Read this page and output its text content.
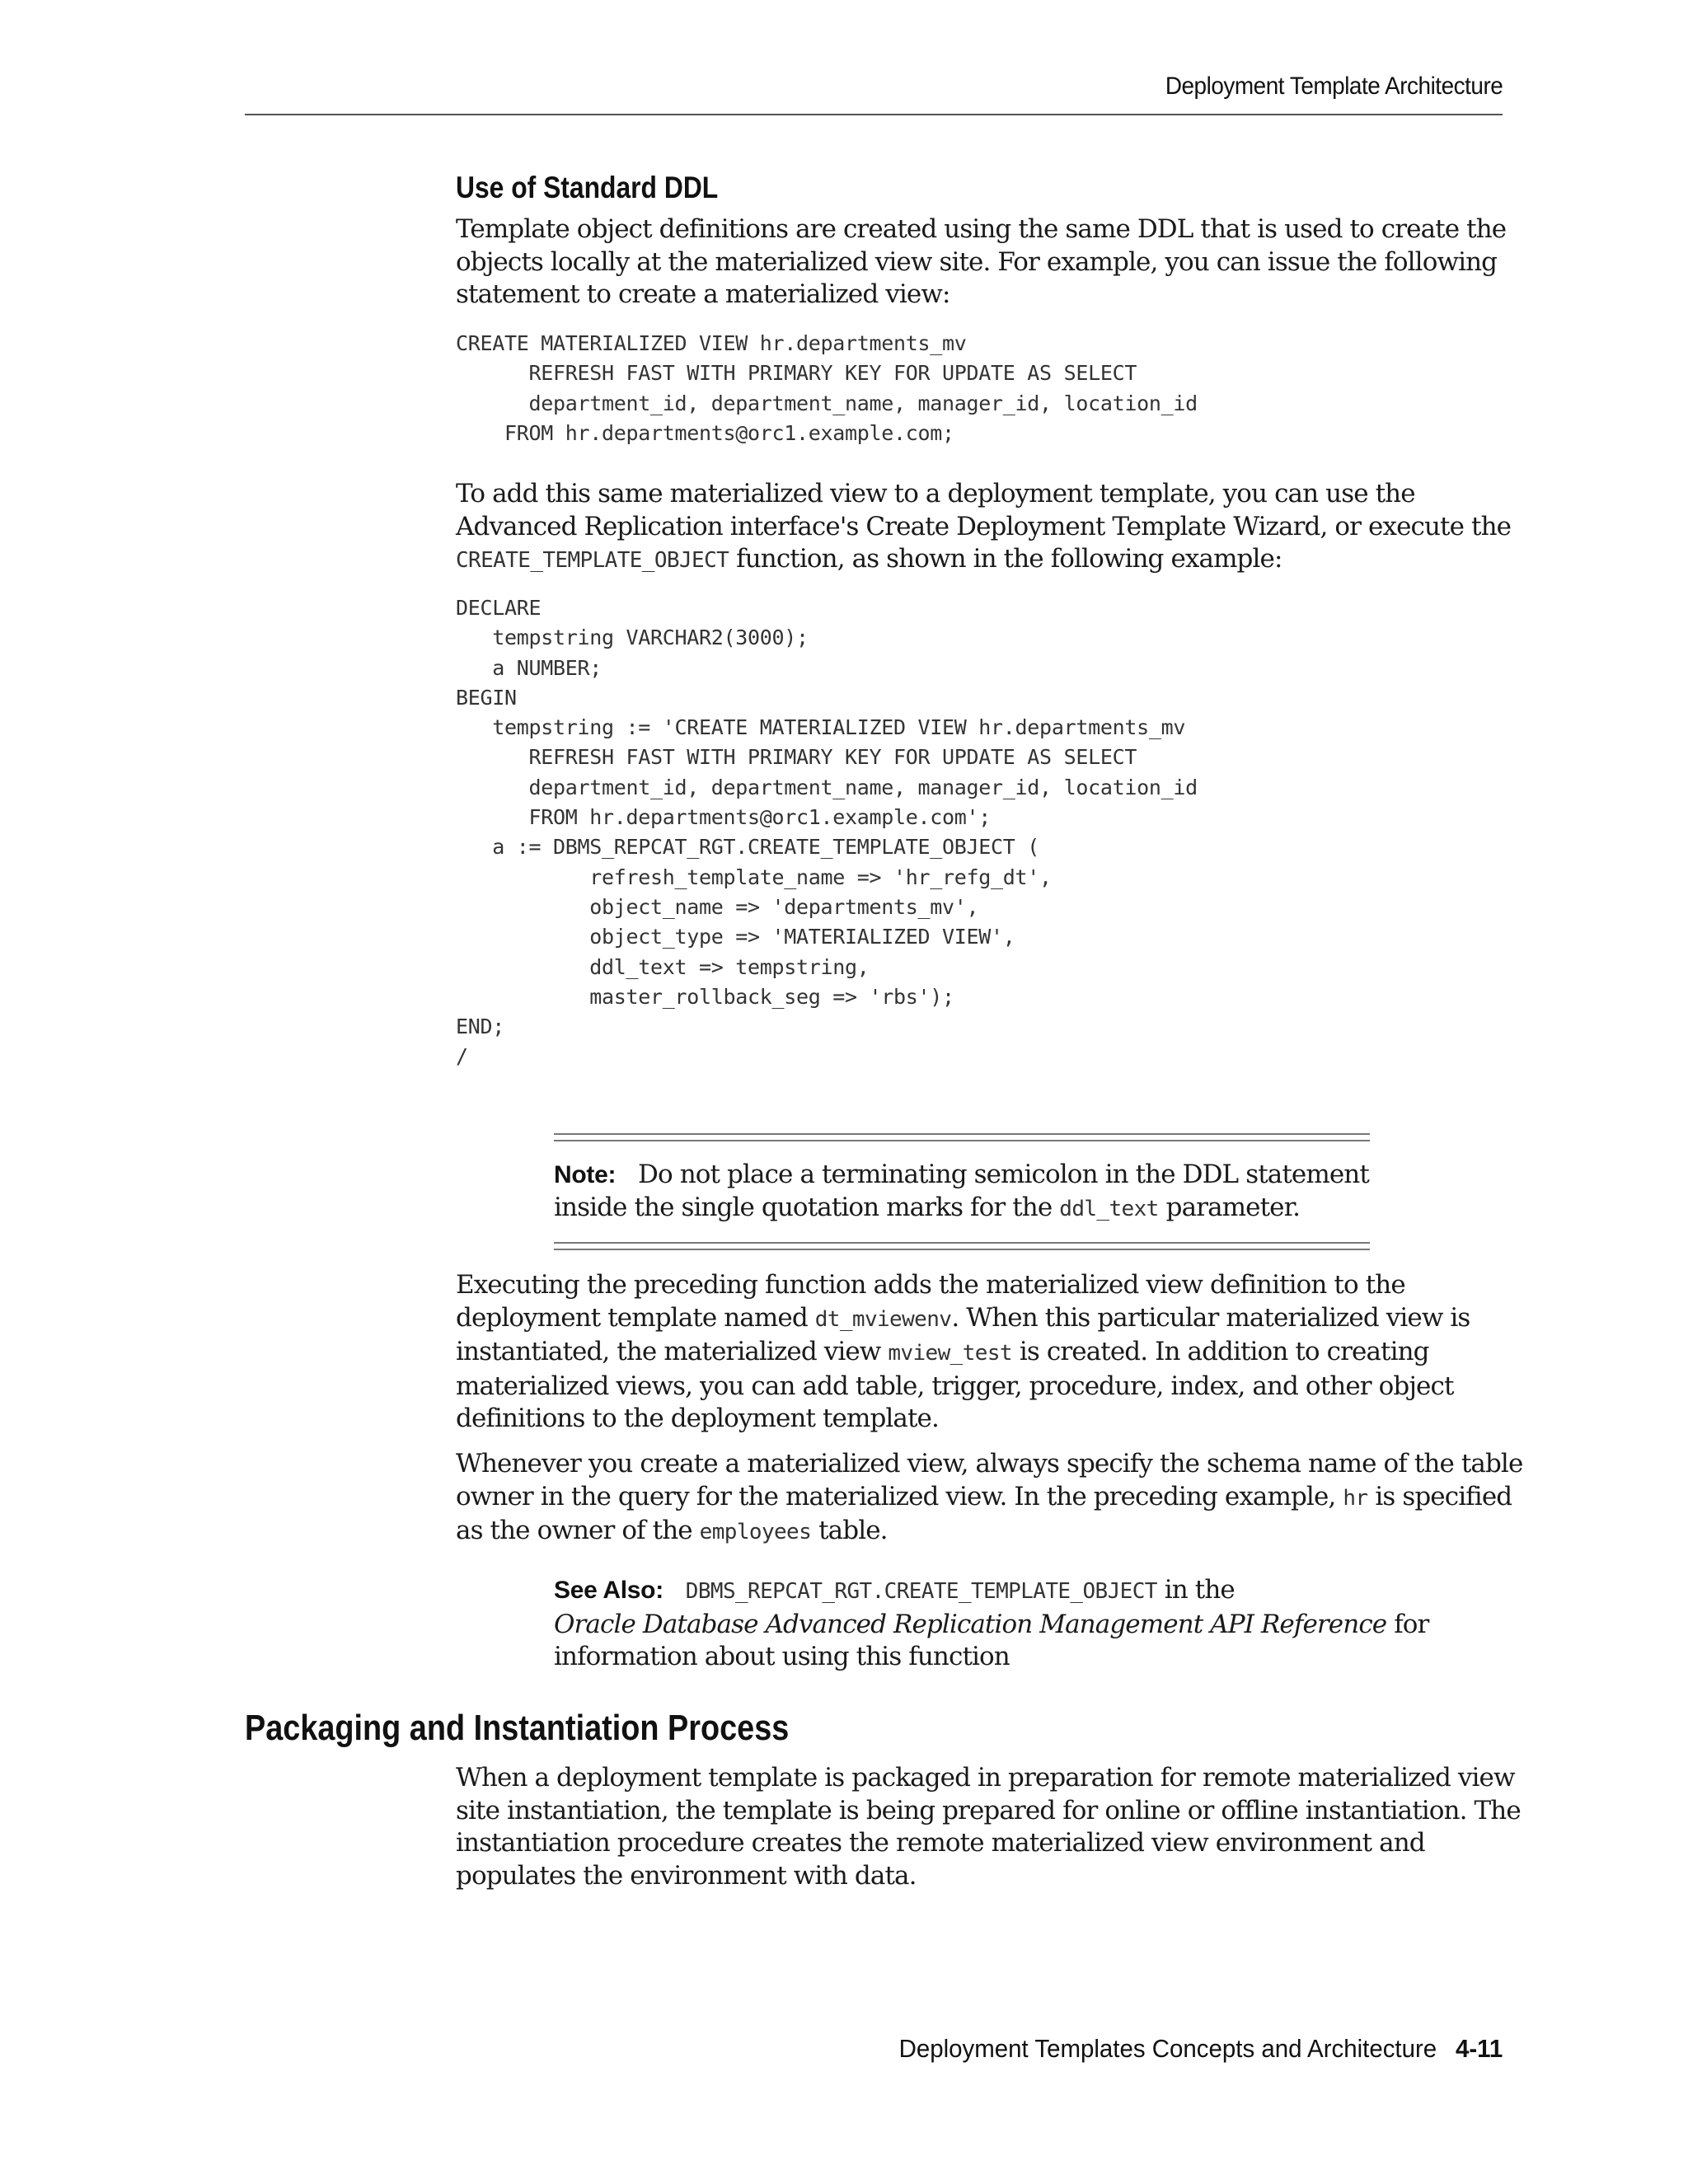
Deployment Template Architecture
Use of Standard DDL

Template object definitions are created using the same DDL that is used to create the

objects locally at the materialized view site. For example, you can issue the following

statement to create a materialized view:

CREATE MATERIALIZED VIEW hr.departments_mv
REFRESH FAST WITH PRIMARY KEY FOR UPDATE AS SELECT
department_id, department_name, manager_id, location_id
FROM hr.departments@orc1.example.com;

To add this same materialized view to a deployment template, you can use the

Advanced Replication interface's Create Deployment Template Wizard, or execute the

CREATE_TEMPLATE_OBJECT function, as shown in the following example:

DECLARE
tempstring VARCHAR2(3000);
a NUMBER;
BEGIN
tempstring := 'CREATE MATERIALIZED VIEW hr.departments_mv
REFRESH FAST WITH PRIMARY KEY FOR UPDATE AS SELECT
department_id, department_name, manager_id, location_id
FROM hr.departments@orc1.example.com';
a := DBMS_REPCAT_RGT.CREATE_TEMPLATE_OBJECT (
refresh_template_name => 'hr_refg_dt',
object_name => 'departments_mv',
object_type => 'MATERIALIZED VIEW',
ddl_text => tempstring,
master_rollback_seg => 'rbs');
END;
/

Note: Do not place a terminating semicolon in the DDL statement

inside the single quotation marks for the ddl_text parameter.

Executing the preceding function adds the materialized view definition to the

deployment template named dt_mviewenv. When this particular materialized view is

instantiated, the materialized view mview_test is created. In addition to creating

materialized views, you can add table, trigger, procedure, index, and other object

definitions to the deployment template.

Whenever you create a materialized view, always specify the schema name of the table

owner in the query for the materialized view. In the preceding example, hr is specified

as the owner of the employees table.

See Also: DBMS_REPCAT_RGT.CREATE_TEMPLATE_OBJECT in the

Oracle Database Advanced Replication Management API Reference for

information about using this function

Packaging and Instantiation Process

When a deployment template is packaged in preparation for remote materialized view

site instantiation, the template is being prepared for online or offline instantiation. The

instantiation procedure creates the remote materialized view environment and

populates the environment with data.

Deployment Templates Concepts and Architecture 4-11
